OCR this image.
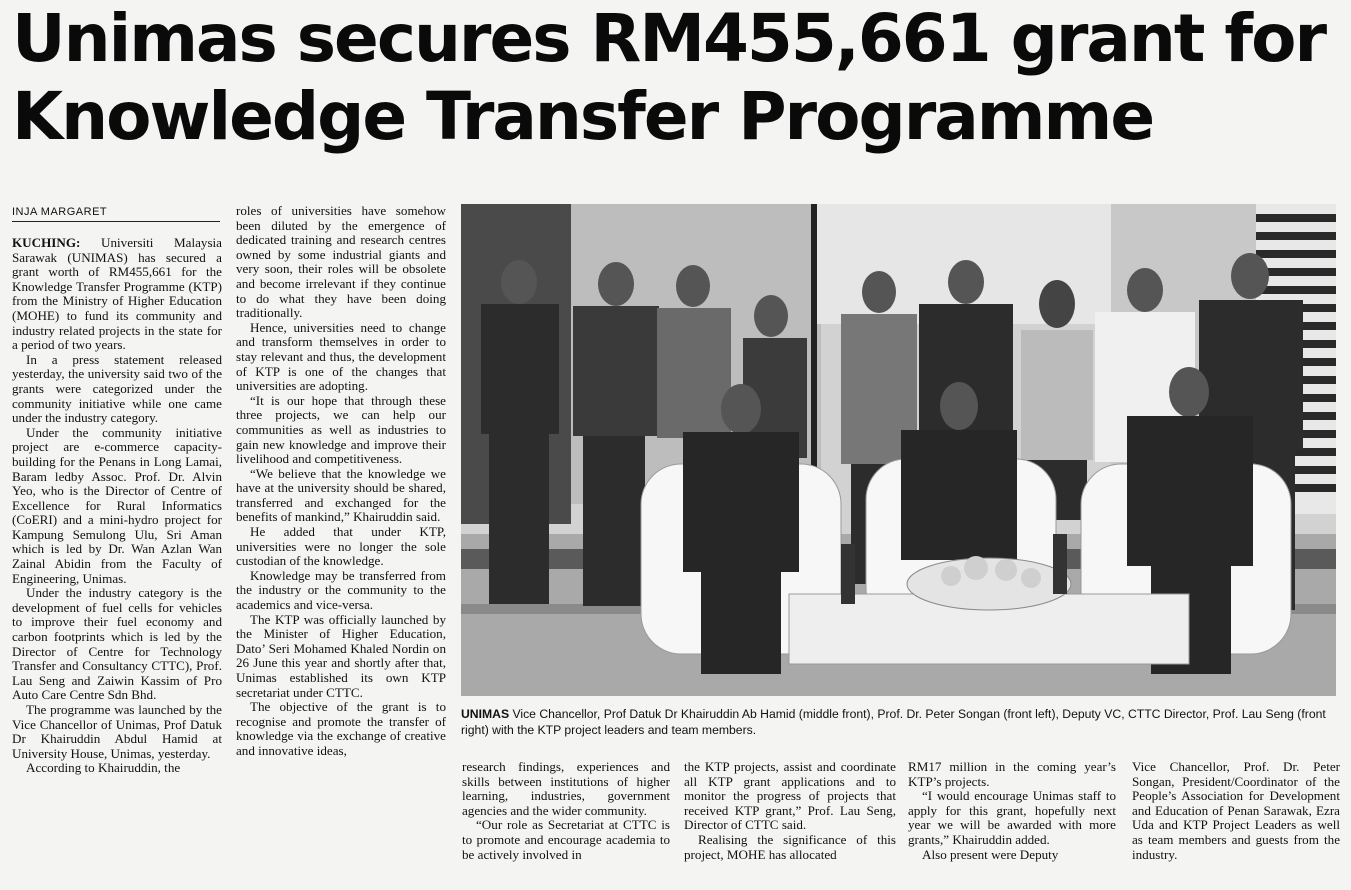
Unimas secures RM455,661 grant for Knowledge Transfer Programme
INJA MARGARET

KUCHING: Universiti Malaysia Sarawak (UNIMAS) has secured a grant worth of RM455,661 for the Knowledge Transfer Programme (KTP) from the Ministry of Higher Education (MOHE) to fund its community and industry related projects in the state for a period of two years.

In a press statement released yesterday, the university said two of the grants were categorized under the community initiative while one came under the industry category.

Under the community initiative project are e-commerce capacity-building for the Penans in Long Lamai, Baram ledby Assoc. Prof. Dr. Alvin Yeo, who is the Director of Centre of Excellence for Rural Informatics (CoERI) and a mini-hydro project for Kampung Semulong Ulu, Sri Aman which is led by Dr. Wan Azlan Wan Zainal Abidin from the Faculty of Engineering, Unimas.

Under the industry category is the development of fuel cells for vehicles to improve their fuel economy and carbon footprints which is led by the Director of Centre for Technology Transfer and Consultancy CTTC), Prof. Lau Seng and Zaiwin Kassim of Pro Auto Care Centre Sdn Bhd.

The programme was launched by the Vice Chancellor of Unimas, Prof Datuk Dr Khairuddin Abdul Hamid at University House, Unimas, yesterday.

According to Khairuddin, the

roles of universities have somehow been diluted by the emergence of dedicated training and research centres owned by some industrial giants and very soon, their roles will be obsolete and become irrelevant if they continue to do what they have been doing traditionally.

Hence, universities need to change and transform themselves in order to stay relevant and thus, the development of KTP is one of the changes that universities are adopting.

“It is our hope that through these three projects, we can help our communities as well as industries to gain new knowledge and improve their livelihood and competitiveness.

“We believe that the knowledge we have at the university should be shared, transferred and exchanged for the benefits of mankind,” Khairuddin said.

He added that under KTP, universities were no longer the sole custodian of the knowledge.

Knowledge may be transferred from the industry or the community to the academics and vice-versa.

The KTP was officially launched by the Minister of Higher Education, Dato’ Seri Mohamed Khaled Nordin on 26 June this year and shortly after that, Unimas established its own KTP secretariat under CTTC.

The objective of the grant is to recognise and promote the transfer of knowledge via the exchange of creative and innovative ideas,

UNIMAS Vice Chancellor, Prof Datuk Dr Khairuddin Ab Hamid (middle front), Prof. Dr. Peter Songan (front left), Deputy VC, CTTC Director, Prof. Lau Seng (front right) with the KTP project leaders and team members.

research findings, experiences and skills between institutions of higher learning, industries, government agencies and the wider community.

“Our role as Secretariat at CTTC is to promote and encourage academia to be actively involved in

the KTP projects, assist and coordinate all KTP grant applications and to monitor the progress of projects that received KTP grant,” Prof. Lau Seng, Director of CTTC said.

Realising the significance of this project, MOHE has allocated

RM17 million in the coming year’s KTP’s projects.

“I would encourage Unimas staff to apply for this grant, hopefully next year we will be awarded with more grants,” Khairuddin added.

Also present were Deputy

Vice Chancellor, Prof. Dr. Peter Songan, President/Coordinator of the People’s Association for Development and Education of Penan Sarawak, Ezra Uda and KTP Project Leaders as well as team members and guests from the industry.
